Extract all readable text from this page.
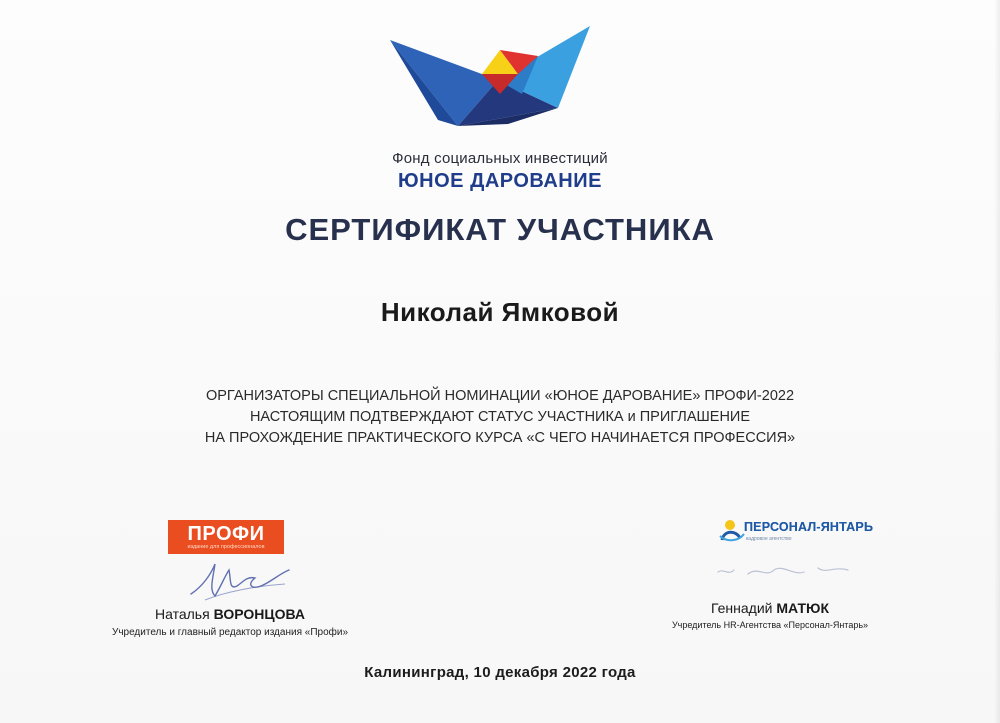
Фонд социальных инвестиций
ЮНОЕ ДАРОВАНИЕ
СЕРТИФИКАТ УЧАСТНИКА
Николай Ямковой
ОРГАНИЗАТОРЫ СПЕЦИАЛЬНОЙ НОМИНАЦИИ «ЮНОЕ ДАРОВАНИЕ» ПРОФИ-2022
НАСТОЯЩИМ ПОДТВЕРЖДАЮТ СТАТУС УЧАСТНИКА и ПРИГЛАШЕНИЕ
НА ПРОХОЖДЕНИЕ ПРАКТИЧЕСКОГО КУРСА «С ЧЕГО НАЧИНАЕТСЯ ПРОФЕССИЯ»
ПРОФИ
издание для профессионалов
Наталья ВОРОНЦОВА
Учредитель и главный редактор издания «Профи»
ПЕРСОНАЛ-ЯНТАРЬ
кадровое агентство
Геннадий МАТЮК
Учредитель HR-Агентства «Персонал-Янтарь»
Калининград, 10 декабря 2022 года
